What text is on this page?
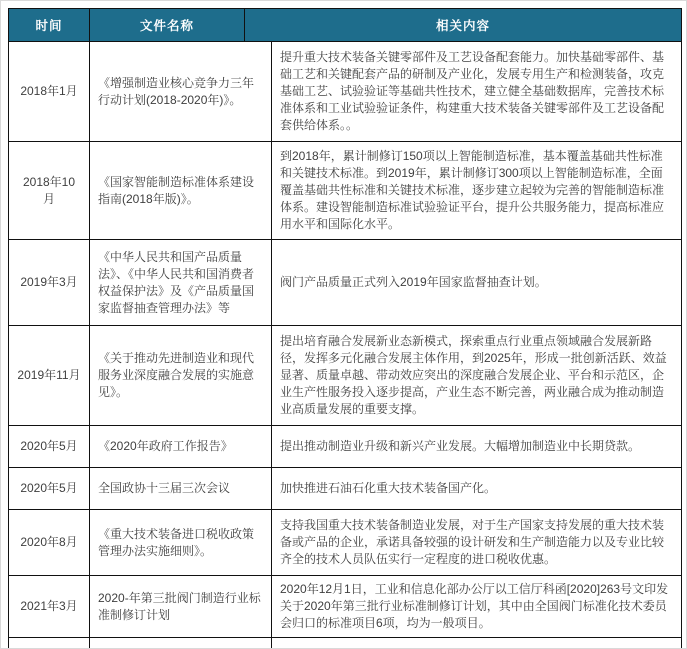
时间	文件名称	相关内容
2018年1月	《增强制造业核心竞争力三年行动计划(2018-2020年)》。	提升重大技术装备关键零部件及工艺设备配套能力。加快基础零部件、基础工艺和关键配套产品的研制及产业化，发展专用生产和检测装备，攻克基础工艺、试验验证等基础共性技术，建立健全基础数据库，完善技术标准体系和工业试验验证条件，构建重大技术装备关键零部件及工艺设备配套供给体系。。
2018年10月	《国家智能制造标准体系建设指南(2018年版)》。	到2018年，累计制修订150项以上智能制造标准，基本覆盖基础共性标准和关键技术标准。到2019年，累计制修订300项以上智能制造标准，全面覆盖基础共性标准和关键技术标准，逐步建立起较为完善的智能制造标准体系。建设智能制造标准试验验证平台，提升公共服务能力，提高标准应用水平和国际化水平。
2019年3月	《中华人民共和国产品质量法》、《中华人民共和国消费者权益保护法》及《产品质量国家监督抽查管理办法》等	阀门产品质量正式列入2019年国家监督抽查计划。
2019年11月	《关于推动先进制造业和现代服务业深度融合发展的实施意见》。	提出培育融合发展新业态新模式，探索重点行业重点领域融合发展新路径，发挥多元化融合发展主体作用，到2025年，形成一批创新活跃、效益显著、质量卓越、带动效应突出的深度融合发展企业、平台和示范区，企业生产性服务投入逐步提高，产业生态不断完善，两业融合成为推动制造业高质量发展的重要支撑。
2020年5月	《2020年政府工作报告》	提出推动制造业升级和新兴产业发展。大幅增加制造业中长期贷款。
2020年5月	全国政协十三届三次会议	加快推进石油石化重大技术装备国产化。
2020年8月	《重大技术装备进口税收政策管理办法实施细则》。	支持我国重大技术装备制造业发展，对于生产国家支持发展的重大技术装备或产品的企业，承诺具备较强的设计研发和生产制造能力以及专业比较齐全的技术人员队伍实行一定程度的进口税收优惠。
2021年3月	2020-年第三批阀门制造行业标准制修订计划	2020年12月1日，工业和信息化部办公厅以工信厅科函[2020]263号文印发关于2020年第三批行业标准制修订计划，其中由全国阀门标准化技术委员会归口的标准项目6项，均为一般项目。
